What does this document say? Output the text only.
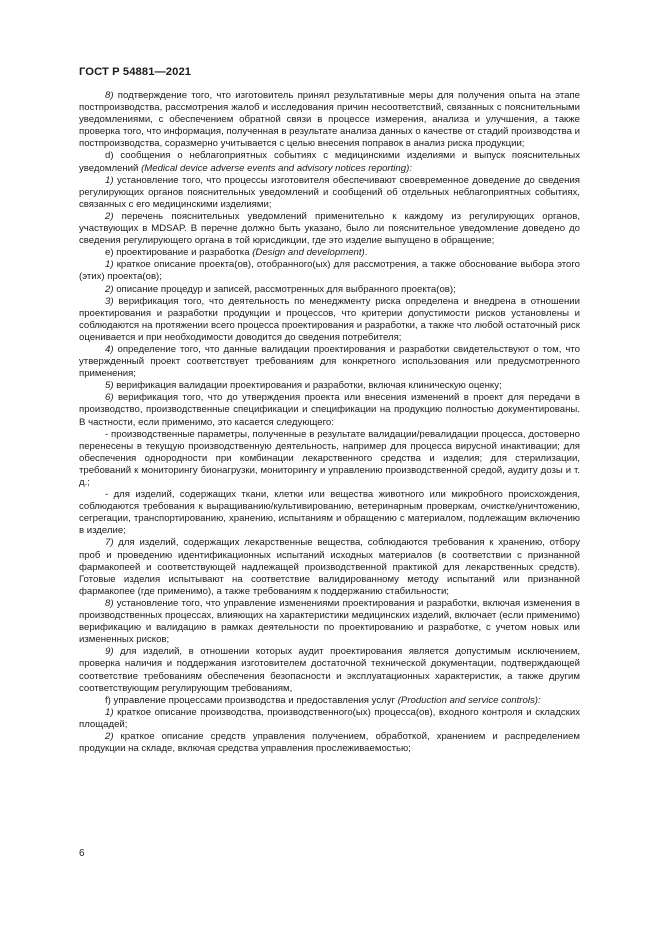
ГОСТ Р 54881—2021

8) подтверждение того, что изготовитель принял результативные меры для получения опыта на этапе постпроизводства, рассмотрения жалоб и исследования причин несоответствий, связанных с пояснительными уведомлениями, с обеспечением обратной связи в процессе измерения, анализа и улучшения, а также проверка того, что информация, полученная в результате анализа данных о качестве от стадий производства и постпроизводства, соразмерно учитывается с целью внесения поправок в анализ риска продукции;

d) сообщения о неблагоприятных событиях с медицинскими изделиями и выпуск пояснительных уведомлений (Medical device adverse events and advisory notices reporting):

1) установление того, что процессы изготовителя обеспечивают своевременное доведение до сведения регулирующих органов пояснительных уведомлений и сообщений об отдельных неблагоприятных событиях, связанных с его медицинскими изделиями;

2) перечень пояснительных уведомлений применительно к каждому из регулирующих органов, участвующих в MDSAP. В перечне должно быть указано, было ли пояснительное уведомление доведено до сведения регулирующего органа в той юрисдикции, где это изделие выпущено в обращение;

e) проектирование и разработка (Design and development).

1) краткое описание проекта(ов), отобранного(ых) для рассмотрения, а также обоснование выбора этого (этих) проекта(ов);

2) описание процедур и записей, рассмотренных для выбранного проекта(ов);

3) верификация того, что деятельность по менеджменту риска определена и внедрена в отношении проектирования и разработки продукции и процессов, что критерии допустимости рисков установлены и соблюдаются на протяжении всего процесса проектирования и разработки, а также что любой остаточный риск оценивается и при необходимости доводится до сведения потребителя;

4) определение того, что данные валидации проектирования и разработки свидетельствуют о том, что утвержденный проект соответствует требованиям для конкретного использования или предусмотренного применения;

5) верификация валидации проектирования и разработки, включая клиническую оценку;

6) верификация того, что до утверждения проекта или внесения изменений в проект для передачи в производство, производственные спецификации и спецификации на продукцию полностью документированы. В частности, если применимо, это касается следующего:

- производственные параметры, полученные в результате валидации/ревалидации процесса, достоверно перенесены в текущую производственную деятельность, например для процесса вирусной инактивации; для обеспечения однородности при комбинации лекарственного средства и изделия; для стерилизации, требований к мониторингу бионагрузки, мониторингу и управлению производственной средой, аудиту дозы и т. д.;

- для изделий, содержащих ткани, клетки или вещества животного или микробного происхождения, соблюдаются требования к выращиванию/культивированию, ветеринарным проверкам, очистке/уничтожению, сегрегации, транспортированию, хранению, испытаниям и обращению с материалом, подлежащим включению в изделие;

7) для изделий, содержащих лекарственные вещества, соблюдаются требования к хранению, отбору проб и проведению идентификационных испытаний исходных материалов (в соответствии с признанной фармакопеей и соответствующей надлежащей производственной практикой для лекарственных средств). Готовые изделия испытывают на соответствие валидированному методу испытаний или признанной фармакопее (где применимо), а также требованиям к поддержанию стабильности;

8) установление того, что управление изменениями проектирования и разработки, включая изменения в производственных процессах, влияющих на характеристики медицинских изделий, включает (если применимо) верификацию и валидацию в рамках деятельности по проектированию и разработке, с учетом новых или измененных рисков;

9) для изделий, в отношении которых аудит проектирования является допустимым исключением, проверка наличия и поддержания изготовителем достаточной технической документации, подтверждающей соответствие требованиям обеспечения безопасности и эксплуатационных характеристик, а также другим соответствующим регулирующим требованиям,

f) управление процессами производства и предоставления услуг (Production and service controls):

1) краткое описание производства, производственного(ых) процесса(ов), входного контроля и складских площадей;

2) краткое описание средств управления получением, обработкой, хранением и распределением продукции на складе, включая средства управления прослеживаемостью;

6
